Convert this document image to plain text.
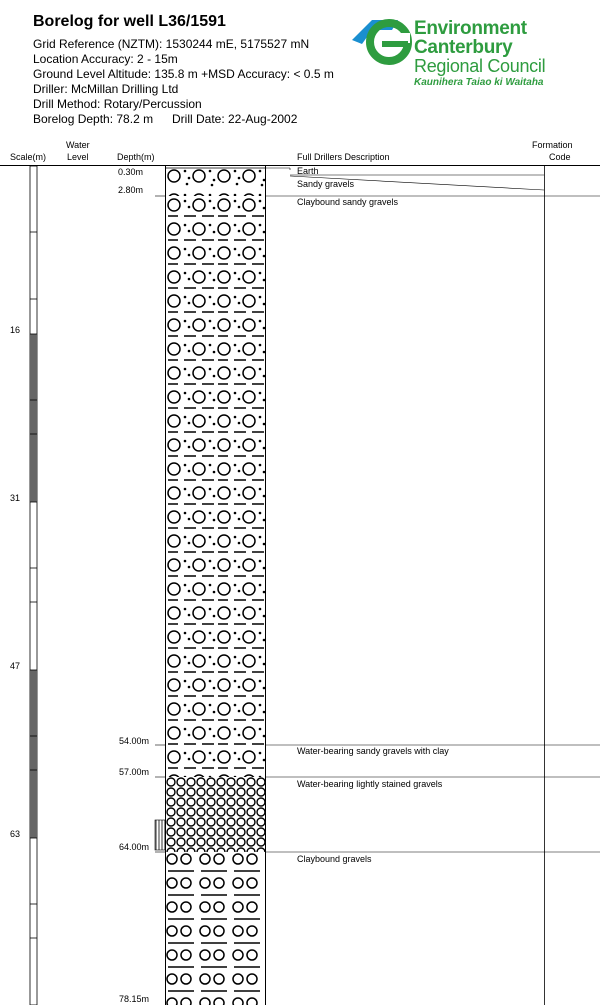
Borelog for well L36/1591
Grid Reference (NZTM): 1530244 mE, 5175527 mN
Location Accuracy: 2 - 15m
Ground Level Altitude: 135.8 m +MSD Accuracy: < 0.5 m
Driller: McMillan Drilling Ltd
Drill Method: Rotary/Percussion
Borelog Depth: 78.2 m Drill Date: 22-Aug-2002
Environment
Canterbury
Regional Council
Kaunihera Taiao ki Waitaha
Scale(m)
Water
Level	Depth(m)	Full Drillers Description
Formation
Code
16
31
47
63
0.30m
2.80m
54.00m
57.00m
64.00m
78.15m
Earth
Sandy gravels
Claybound sandy gravels
Water-bearing sandy gravels with clay
Water-bearing lightly stained gravels
Claybound gravels
